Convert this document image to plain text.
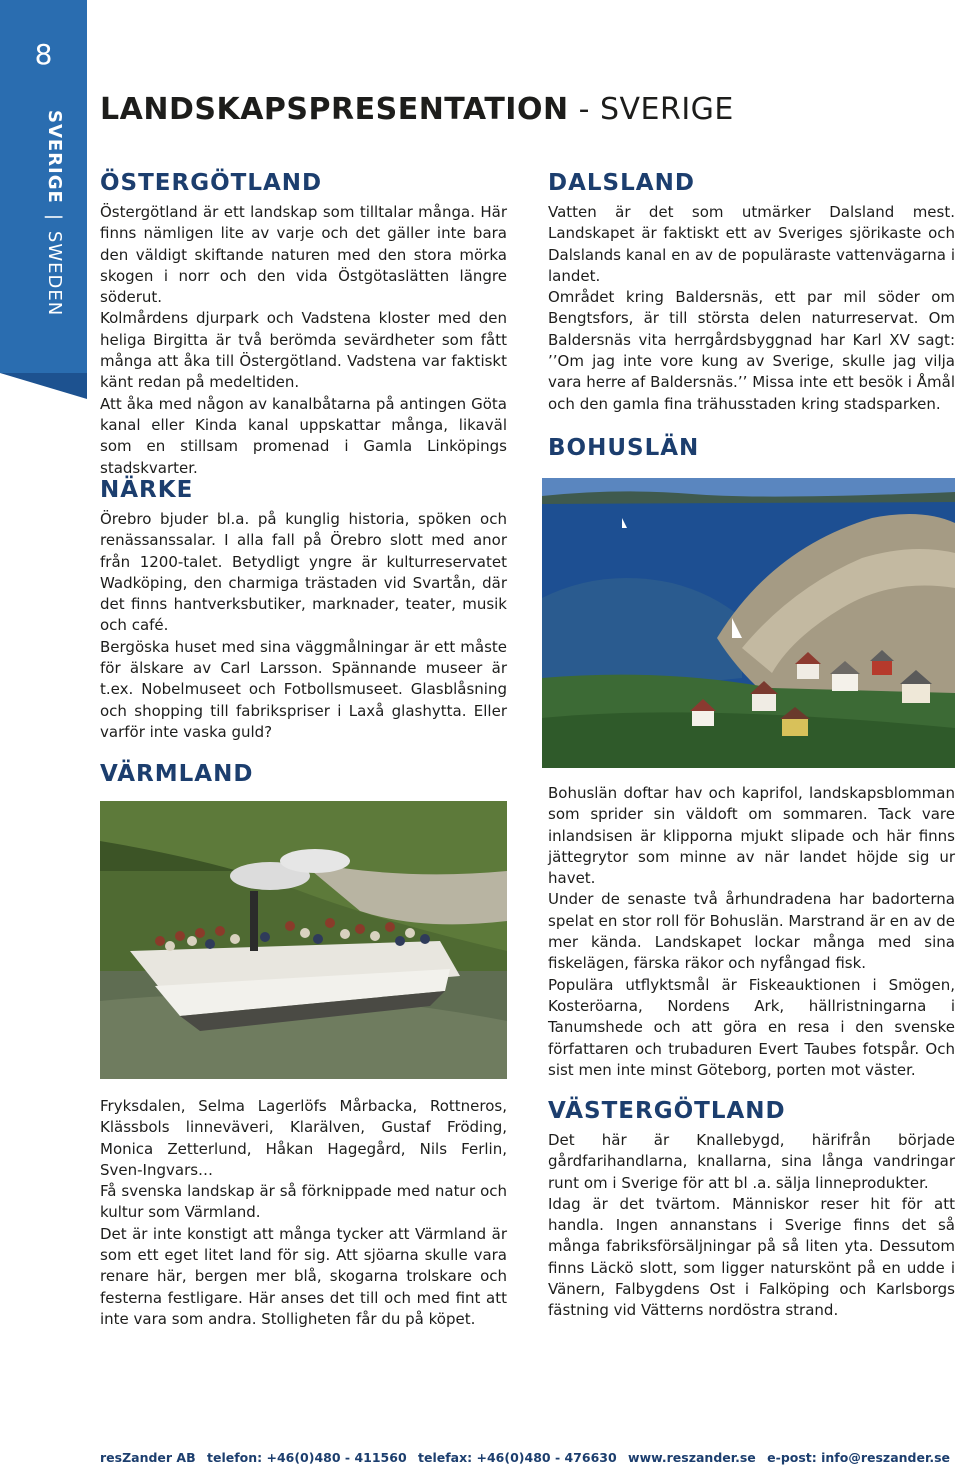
8
SVERIGE|SWEDEN
LANDSKAPSPRESENTATION - SVERIGE
ÖSTERGÖTLAND

Östergötland är ett landskap som tilltalar många. Här finns nämligen lite av varje och det gäller inte bara den väldigt skiftande naturen med den stora mörka skogen i norr och den vida Östgötaslätten längre söderut.

Kolmårdens djurpark och Vadstena kloster med den heliga Birgitta är två berömda sevärdheter som fått många att åka till Östergötland. Vadstena var faktiskt känt redan på medeltiden.

Att åka med någon av kanalbåtarna på antingen Göta kanal eller Kinda kanal uppskattar många, likaväl som en stillsam promenad i Gamla Linköpings stadskvarter.

NÄRKE

Örebro bjuder bl.a. på kunglig historia, spöken och renässanssalar. I alla fall på Örebro slott med anor från 1200-talet. Betydligt yngre är kulturreservatet Wadköping, den charmiga trästaden vid Svartån, där det finns hantverksbutiker, marknader, teater, musik och café.

Bergöska huset med sina väggmålningar är ett måste för älskare av Carl Larsson. Spännande museer är t.ex. Nobelmuseet och Fotbollsmuseet. Glasblåsning och shopping till fabrikspriser i Laxå glashytta. Eller varför inte vaska guld?

VÄRMLAND

Fryksdalen, Selma Lagerlöfs Mårbacka, Rottneros, Klässbols linneväveri, Klarälven, Gustaf Fröding, Monica Zetterlund, Håkan Hagegård, Nils Ferlin, Sven-Ingvars…

Få svenska landskap är så förknippade med natur och kultur som Värmland.

Det är inte konstigt att många tycker att Värmland är som ett eget litet land för sig. Att sjöarna skulle vara renare här, bergen mer blå, skogarna trolskare och festerna festligare. Här anses det till och med fint att inte vara som andra. Stolligheten får du på köpet.

DALSLAND

Vatten är det som utmärker Dalsland mest. Landskapet är faktiskt ett av Sveriges sjörikaste och Dalslands kanal en av de populäraste vattenvägarna i landet.

Området kring Baldersnäs, ett par mil söder om Bengtsfors, är till största delen naturreservat. Om Baldersnäs vita herrgårdsbyggnad har Karl XV sagt: ’’Om jag inte vore kung av Sverige, skulle jag vilja vara herre af Baldersnäs.’’ Missa inte ett besök i Åmål och den gamla fina trähusstaden kring stadsparken.

BOHUSLÄN

Bohuslän doftar hav och kaprifol, landskapsblomman som sprider sin väldoft om sommaren. Tack vare inlandsisen är klipporna mjukt slipade och här finns jättegrytor som minne av när landet höjde sig ur havet.

Under de senaste två århundradena har badorterna spelat en stor roll för Bohuslän. Marstrand är en av de mer kända. Landskapet lockar många med sina fiskelägen, färska räkor och nyfångad fisk.

Populära utflyktsmål är Fiskeauktionen i Smögen, Kosteröarna, Nordens Ark, hällristningarna i Tanumshede och att göra en resa i den svenske författaren och trubaduren Evert Taubes fotspår. Och sist men inte minst Göteborg, porten mot väster.

VÄSTERGÖTLAND

Det här är Knallebygd, härifrån började gårdfarihandlarna, knallarna, sina långa vandringar runt om i Sverige för att bl .a. sälja linneprodukter.

Idag är det tvärtom. Människor reser hit för att handla. Ingen annanstans i Sverige finns det så många fabriksförsäljningar på så liten yta. Dessutom finns Läckö slott, som ligger naturskönt på en udde i Vänern, Falbygdens Ost i Falköping och Karlsborgs fästning vid Vätterns nordöstra strand.

resZander AB telefon: +46(0)480 - 411560 telefax: +46(0)480 - 476630 www.reszander.se e-post: info@reszander.se
